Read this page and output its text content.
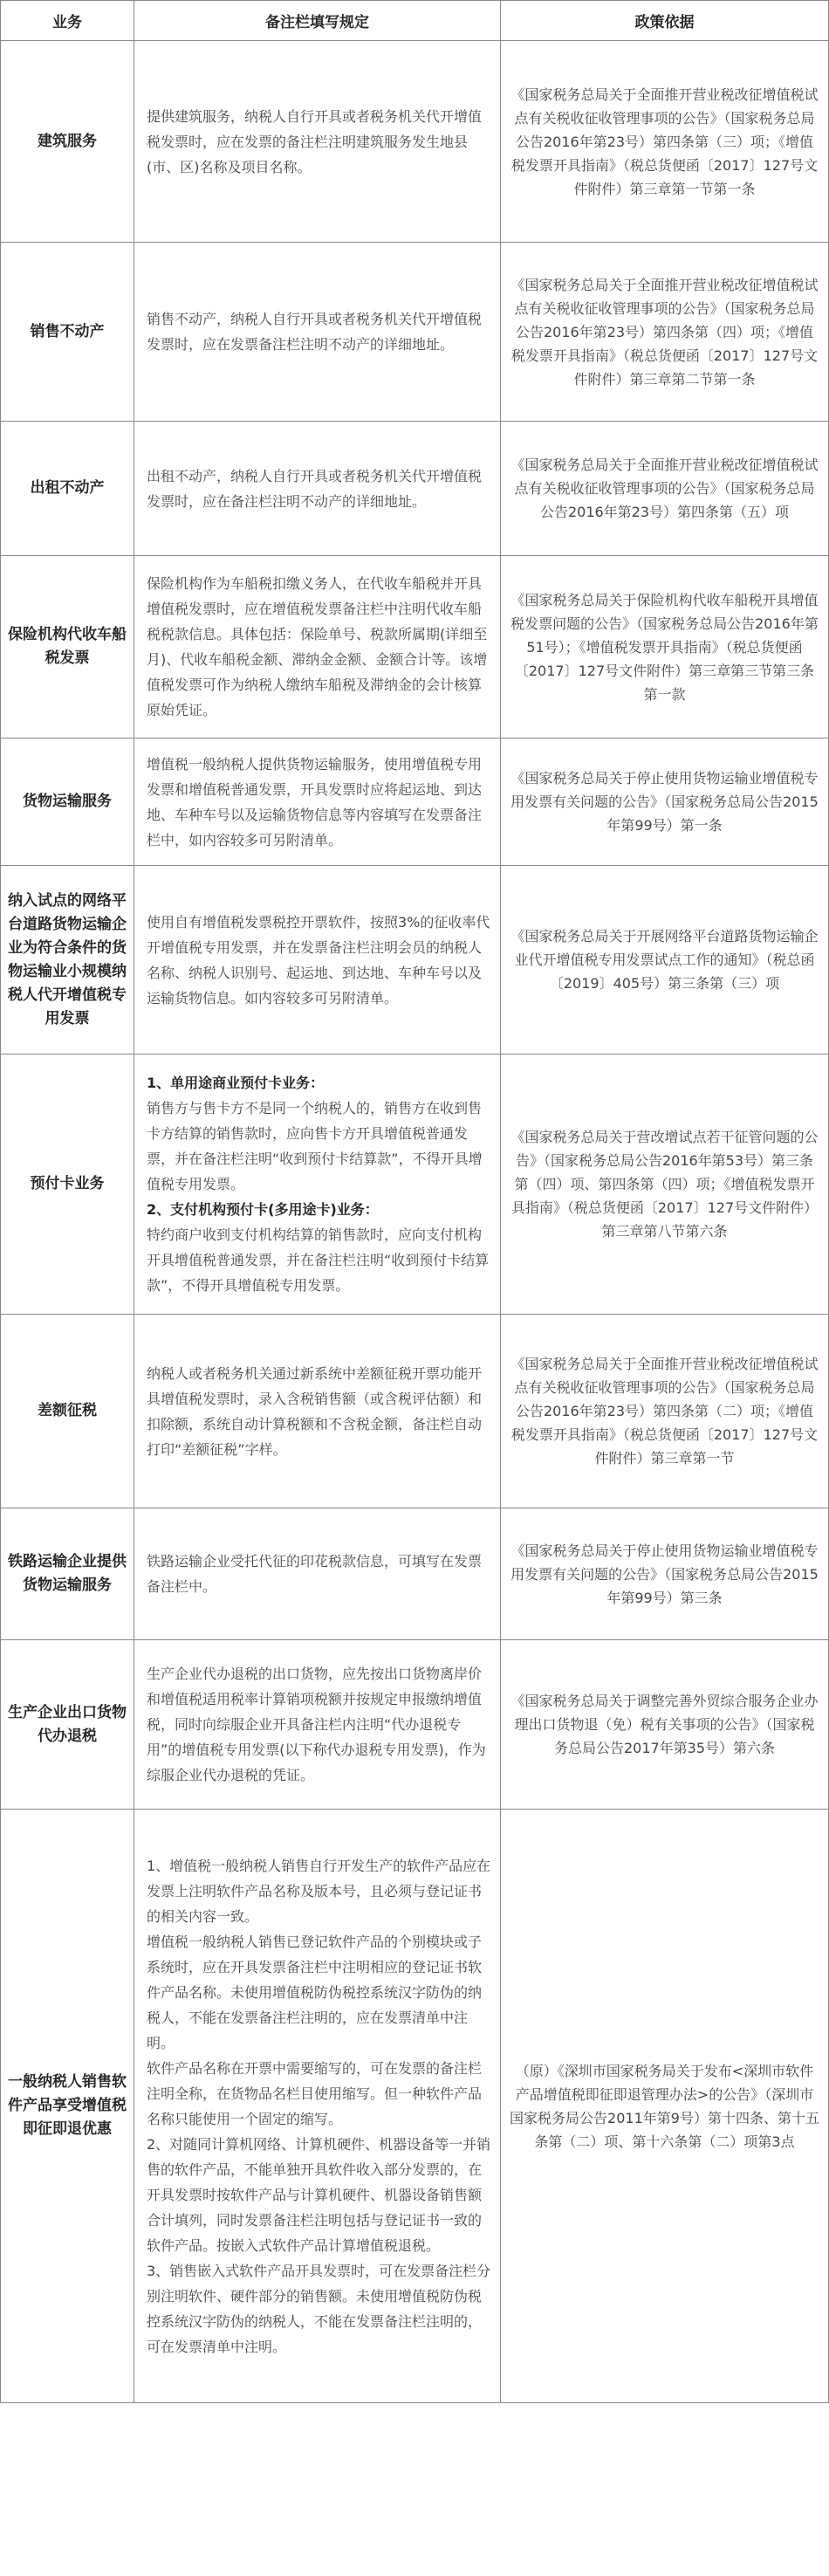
业务	备注栏填写规定	政策依据
建筑服务	提供建筑服务，纳税人自行开具或者税务机关代开增值税发票时，应在发票的备注栏注明建筑服务发生地县(市、区)名称及项目名称。	《国家税务总局关于全面推开营业税改征增值税试点有关税收征收管理事项的公告》（国家税务总局公告2016年第23号）第四条第（三）项；《增值税发票开具指南》（税总货便函〔2017〕127号文件附件）第三章第一节第一条
销售不动产	销售不动产，纳税人自行开具或者税务机关代开增值税发票时，应在发票备注栏注明不动产的详细地址。	《国家税务总局关于全面推开营业税改征增值税试点有关税收征收管理事项的公告》（国家税务总局公告2016年第23号）第四条第（四）项；《增值税发票开具指南》（税总货便函〔2017〕127号文件附件）第三章第二节第一条
出租不动产	出租不动产，纳税人自行开具或者税务机关代开增值税发票时，应在备注栏注明不动产的详细地址。	《国家税务总局关于全面推开营业税改征增值税试点有关税收征收管理事项的公告》（国家税务总局公告2016年第23号）第四条第（五）项
保险机构代收车船税发票	保险机构作为车船税扣缴义务人，在代收车船税并开具增值税发票时，应在增值税发票备注栏中注明代收车船税税款信息。具体包括：保险单号、税款所属期(详细至月)、代收车船税金额、滞纳金金额、金额合计等。该增值税发票可作为纳税人缴纳车船税及滞纳金的会计核算原始凭证。	《国家税务总局关于保险机构代收车船税开具增值税发票问题的公告》（国家税务总局公告2016年第51号）；《增值税发票开具指南》（税总货便函〔2017〕127号文件附件）第三章第三节第三条第一款
货物运输服务	增值税一般纳税人提供货物运输服务，使用增值税专用发票和增值税普通发票，开具发票时应将起运地、到达地、车种车号以及运输货物信息等内容填写在发票备注栏中，如内容较多可另附清单。	《国家税务总局关于停止使用货物运输业增值税专用发票有关问题的公告》（国家税务总局公告2015年第99号）第一条
纳入试点的网络平台道路货物运输企业为符合条件的货物运输业小规模纳税人代开增值税专用发票	使用自有增值税发票税控开票软件，按照3%的征收率代开增值税专用发票，并在发票备注栏注明会员的纳税人名称、纳税人识别号、起运地、到达地、车种车号以及运输货物信息。如内容较多可另附清单。	《国家税务总局关于开展网络平台道路货物运输企业代开增值税专用发票试点工作的通知》（税总函〔2019〕405号）第三条第（三）项
预付卡业务	1、单用途商业预付卡业务：

销售方与售卡方不是同一个纳税人的，销售方在收到售卡方结算的销售款时，应向售卡方开具增值税普通发票，并在备注栏注明“收到预付卡结算款”，不得开具增值税专用发票。

2、支付机构预付卡(多用途卡)业务：

特约商户收到支付机构结算的销售款时，应向支付机构开具增值税普通发票，并在备注栏注明“收到预付卡结算款”，不得开具增值税专用发票。	《国家税务总局关于营改增试点若干征管问题的公告》（国家税务总局公告2016年第53号）第三条第（四）项、第四条第（四）项；《增值税发票开具指南》（税总货便函〔2017〕127号文件附件）第三章第八节第六条
差额征税	纳税人或者税务机关通过新系统中差额征税开票功能开具增值税发票时，录入含税销售额（或含税评估额）和扣除额，系统自动计算税额和不含税金额，备注栏自动打印“差额征税”字样。	《国家税务总局关于全面推开营业税改征增值税试点有关税收征收管理事项的公告》（国家税务总局公告2016年第23号）第四条第（二）项；《增值税发票开具指南》（税总货便函〔2017〕127号文件附件）第三章第一节
铁路运输企业提供货物运输服务	铁路运输企业受托代征的印花税款信息，可填写在发票备注栏中。	《国家税务总局关于停止使用货物运输业增值税专用发票有关问题的公告》（国家税务总局公告2015年第99号）第三条
生产企业出口货物代办退税	生产企业代办退税的出口货物，应先按出口货物离岸价和增值税适用税率计算销项税额并按规定申报缴纳增值税，同时向综服企业开具备注栏内注明“代办退税专用”的增值税专用发票(以下称代办退税专用发票)，作为综服企业代办退税的凭证。	《国家税务总局关于调整完善外贸综合服务企业办理出口货物退（免）税有关事项的公告》（国家税务总局公告2017年第35号）第六条
一般纳税人销售软件产品享受增值税即征即退优惠	1、增值税一般纳税人销售自行开发生产的软件产品应在发票上注明软件产品名称及版本号，且必须与登记证书的相关内容一致。

增值税一般纳税人销售已登记软件产品的个别模块或子系统时，应在开具发票备注栏中注明相应的登记证书软件产品名称。未使用增值税防伪税控系统汉字防伪的纳税人，不能在发票备注栏注明的，应在发票清单中注明。

软件产品名称在开票中需要缩写的，可在发票的备注栏注明全称，在货物品名栏目使用缩写。但一种软件产品名称只能使用一个固定的缩写。

2、对随同计算机网络、计算机硬件、机器设备等一并销售的软件产品，不能单独开具软件收入部分发票的，在开具发票时按软件产品与计算机硬件、机器设备销售额合计填列，同时发票备注栏注明包括与登记证书一致的软件产品。按嵌入式软件产品计算增值税退税。

3、销售嵌入式软件产品开具发票时，可在发票备注栏分别注明软件、硬件部分的销售额。未使用增值税防伪税控系统汉字防伪的纳税人，不能在发票备注栏注明的，可在发票清单中注明。	（原）《深圳市国家税务局关于发布<深圳市软件产品增值税即征即退管理办法>的公告》（深圳市国家税务局公告2011年第9号）第十四条、第十五条第（二）项、第十六条第（二）项第3点
